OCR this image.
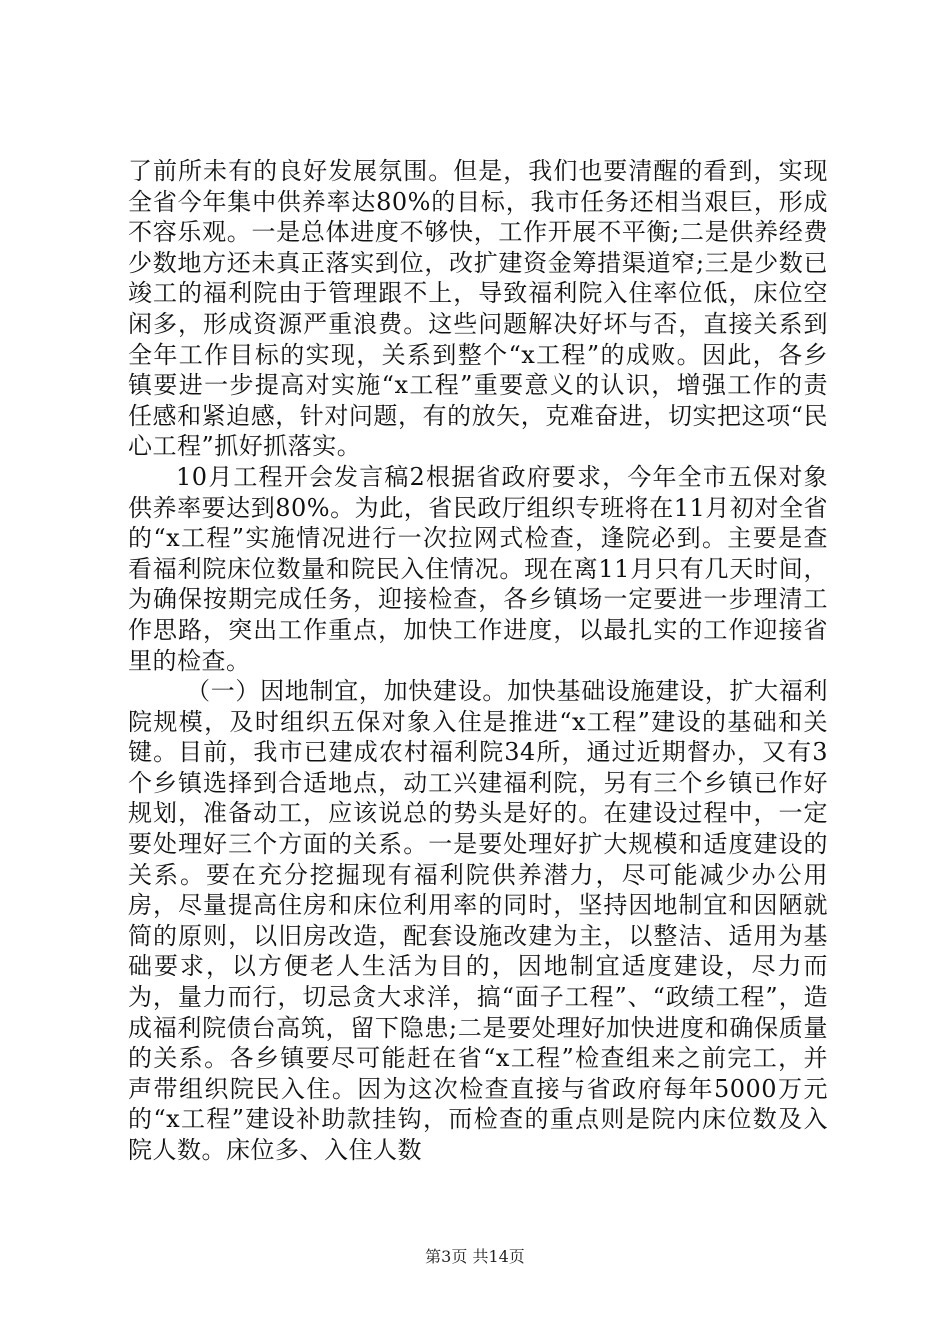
了前所未有的良好发展氛围。但是，我们也要清醒的看到，实现全省今年集中供养率达80%的目标，我市任务还相当艰巨，形成不容乐观。一是总体进度不够快，工作开展不平衡;二是供养经费少数地方还未真正落实到位，改扩建资金筹措渠道窄;三是少数已竣工的福利院由于管理跟不上，导致福利院入住率位低，床位空闲多，形成资源严重浪费。这些问题解决好坏与否，直接关系到全年工作目标的实现，关系到整个“x工程”的成败。因此，各乡镇要进一步提高对实施“x工程”重要意义的认识，增强工作的责任感和紧迫感，针对问题，有的放矢，克难奋进，切实把这项“民心工程”抓好抓落实。

10月工程开会发言稿2根据省政府要求，今年全市五保对象供养率要达到80%。为此，省民政厅组织专班将在11月初对全省的“x工程”实施情况进行一次拉网式检查，逢院必到。主要是查看福利院床位数量和院民入住情况。现在离11月只有几天时间，为确保按期完成任务，迎接检查，各乡镇场一定要进一步理清工作思路，突出工作重点，加快工作进度，以最扎实的工作迎接省里的检查。

（一）因地制宜，加快建设。加快基础设施建设，扩大福利院规模，及时组织五保对象入住是推进“x工程”建设的基础和关键。目前，我市已建成农村福利院34所，通过近期督办，又有3个乡镇选择到合适地点，动工兴建福利院，另有三个乡镇已作好规划，准备动工，应该说总的势头是好的。在建设过程中，一定要处理好三个方面的关系。一是要处理好扩大规模和适度建设的关系。要在充分挖掘现有福利院供养潜力，尽可能减少办公用房，尽量提高住房和床位利用率的同时，坚持因地制宜和因陋就简的原则，以旧房改造，配套设施改建为主，以整洁、适用为基础要求，以方便老人生活为目的，因地制宜适度建设，尽力而为，量力而行，切忌贪大求洋，搞“面子工程”、“政绩工程”，造成福利院债台高筑，留下隐患;二是要处理好加快进度和确保质量的关系。各乡镇要尽可能赶在省“x工程”检查组来之前完工，并声带组织院民入住。因为这次检查直接与省政府每年5000万元的“x工程”建设补助款挂钩，而检查的重点则是院内床位数及入院人数。床位多、入住人数

第3页 共14页
